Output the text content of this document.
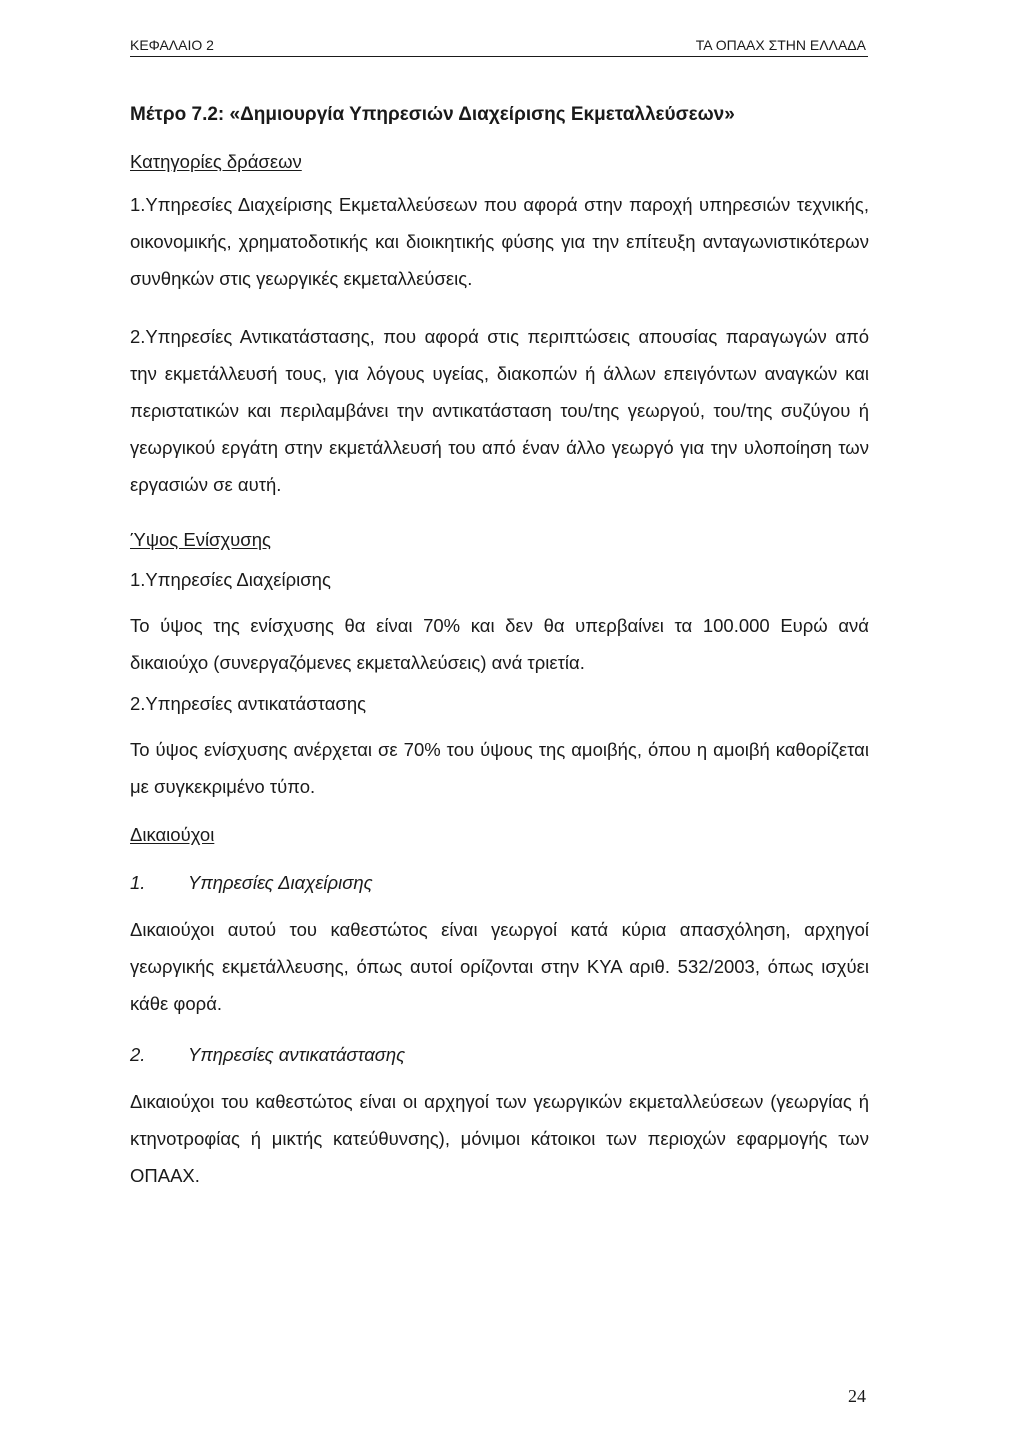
ΚΕΦΑΛΑΙΟ 2	ΤΑ ΟΠΑΑΧ ΣΤΗΝ ΕΛΛΑΔΑ

Μέτρο 7.2: «Δημιουργία Υπηρεσιών Διαχείρισης Εκμεταλλεύσεων»

Κατηγορίες δράσεων

1.Υπηρεσίες Διαχείρισης Εκμεταλλεύσεων που αφορά στην παροχή υπηρεσιών τεχνικής, οικονομικής, χρηματοδοτικής και διοικητικής φύσης για την επίτευξη ανταγωνιστικότερων συνθηκών στις γεωργικές εκμεταλλεύσεις.

2.Υπηρεσίες Αντικατάστασης, που αφορά στις περιπτώσεις απουσίας παραγωγών από την εκμετάλλευσή τους, για λόγους υγείας, διακοπών ή άλλων επειγόντων αναγκών και περιστατικών και περιλαμβάνει την αντικατάσταση του/της γεωργού, του/της συζύγου ή γεωργικού εργάτη στην εκμετάλλευσή του από έναν άλλο γεωργό για την υλοποίηση των εργασιών σε αυτή.

Ύψος Ενίσχυσης

1.Υπηρεσίες Διαχείρισης

Το ύψος της ενίσχυσης θα είναι 70% και δεν θα υπερβαίνει τα 100.000 Ευρώ ανά δικαιούχο (συνεργαζόμενες εκμεταλλεύσεις) ανά τριετία.

2.Υπηρεσίες αντικατάστασης

Το ύψος ενίσχυσης ανέρχεται σε 70% του ύψους της αμοιβής, όπου η αμοιβή καθορίζεται με συγκεκριμένο τύπο.

Δικαιούχοι

1. Υπηρεσίες Διαχείρισης

Δικαιούχοι αυτού του καθεστώτος είναι γεωργοί κατά κύρια απασχόληση, αρχηγοί γεωργικής εκμετάλλευσης, όπως αυτοί ορίζονται στην ΚΥΑ αριθ. 532/2003, όπως ισχύει κάθε φορά.

2. Υπηρεσίες αντικατάστασης

Δικαιούχοι του καθεστώτος είναι οι αρχηγοί των γεωργικών εκμεταλλεύσεων (γεωργίας ή κτηνοτροφίας ή μικτής κατεύθυνσης), μόνιμοι κάτοικοι των περιοχών εφαρμογής των ΟΠΑΑΧ.

24
